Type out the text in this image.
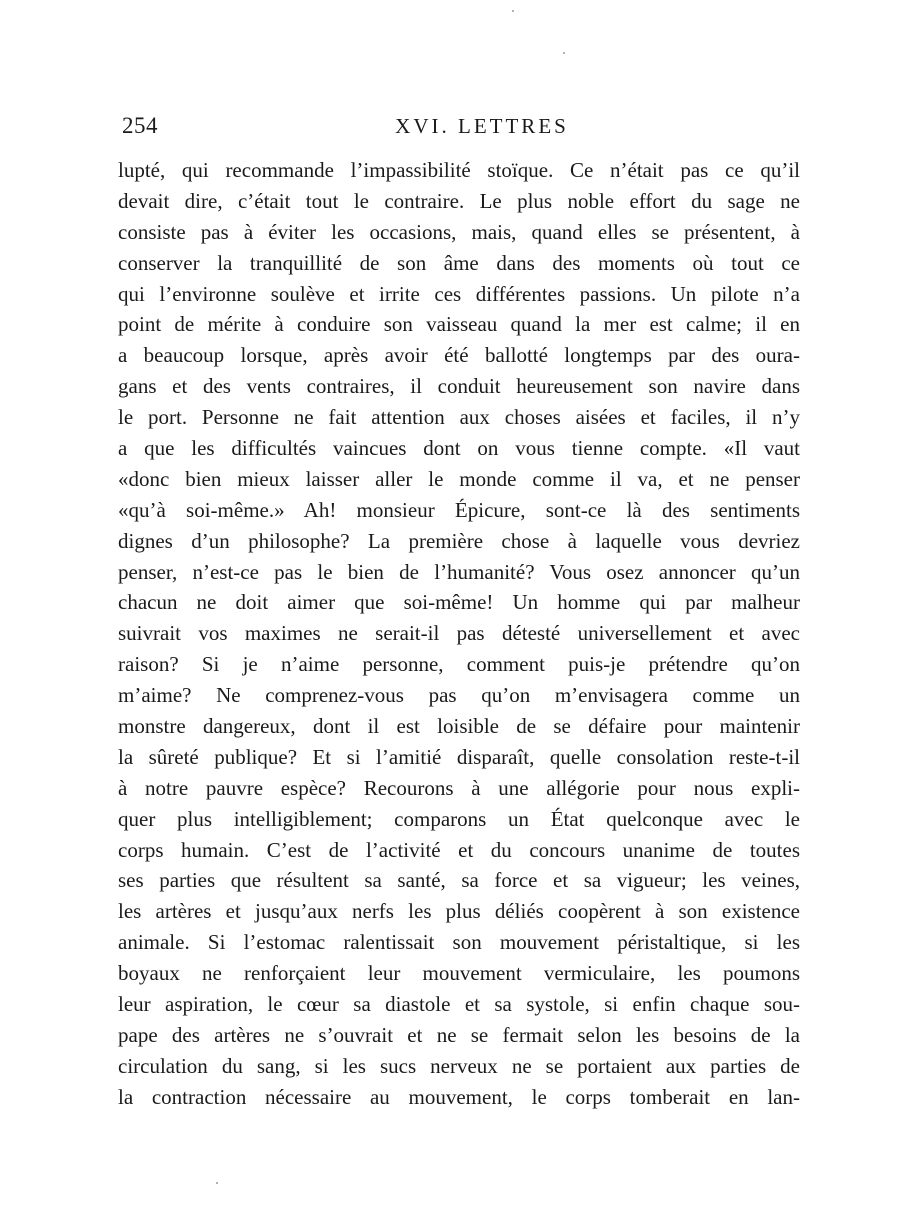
254	XVI. LETTRES
lupté, qui recommande l’impassibilité stoïque. Ce n’était pas ce qu’il
devait dire, c’était tout le contraire. Le plus noble effort du sage ne
consiste pas à éviter les occasions, mais, quand elles se présentent, à
conserver la tranquillité de son âme dans des moments où tout ce
qui l’environne soulève et irrite ces différentes passions. Un pilote n’a
point de mérite à conduire son vaisseau quand la mer est calme; il en
a beaucoup lorsque, après avoir été ballotté longtemps par des oura-
gans et des vents contraires, il conduit heureusement son navire dans
le port. Personne ne fait attention aux choses aisées et faciles, il n’y
a que les difficultés vaincues dont on vous tienne compte. «Il vaut
«donc bien mieux laisser aller le monde comme il va, et ne penser
«qu’à soi-même.» Ah! monsieur Épicure, sont-ce là des sentiments
dignes d’un philosophe? La première chose à laquelle vous devriez
penser, n’est-ce pas le bien de l’humanité? Vous osez annoncer qu’un
chacun ne doit aimer que soi-même! Un homme qui par malheur
suivrait vos maximes ne serait-il pas détesté universellement et avec
raison? Si je n’aime personne, comment puis-je prétendre qu’on
m’aime? Ne comprenez-vous pas qu’on m’envisagera comme un
monstre dangereux, dont il est loisible de se défaire pour maintenir
la sûreté publique? Et si l’amitié disparaît, quelle consolation reste-t-il
à notre pauvre espèce? Recourons à une allégorie pour nous expli-
quer plus intelligiblement; comparons un État quelconque avec le
corps humain. C’est de l’activité et du concours unanime de toutes
ses parties que résultent sa santé, sa force et sa vigueur; les veines,
les artères et jusqu’aux nerfs les plus déliés coopèrent à son existence
animale. Si l’estomac ralentissait son mouvement péristaltique, si les
boyaux ne renforçaient leur mouvement vermiculaire, les poumons
leur aspiration, le cœur sa diastole et sa systole, si enfin chaque sou-
pape des artères ne s’ouvrait et ne se fermait selon les besoins de la
circulation du sang, si les sucs nerveux ne se portaient aux parties de
la contraction nécessaire au mouvement, le corps tomberait en lan-
